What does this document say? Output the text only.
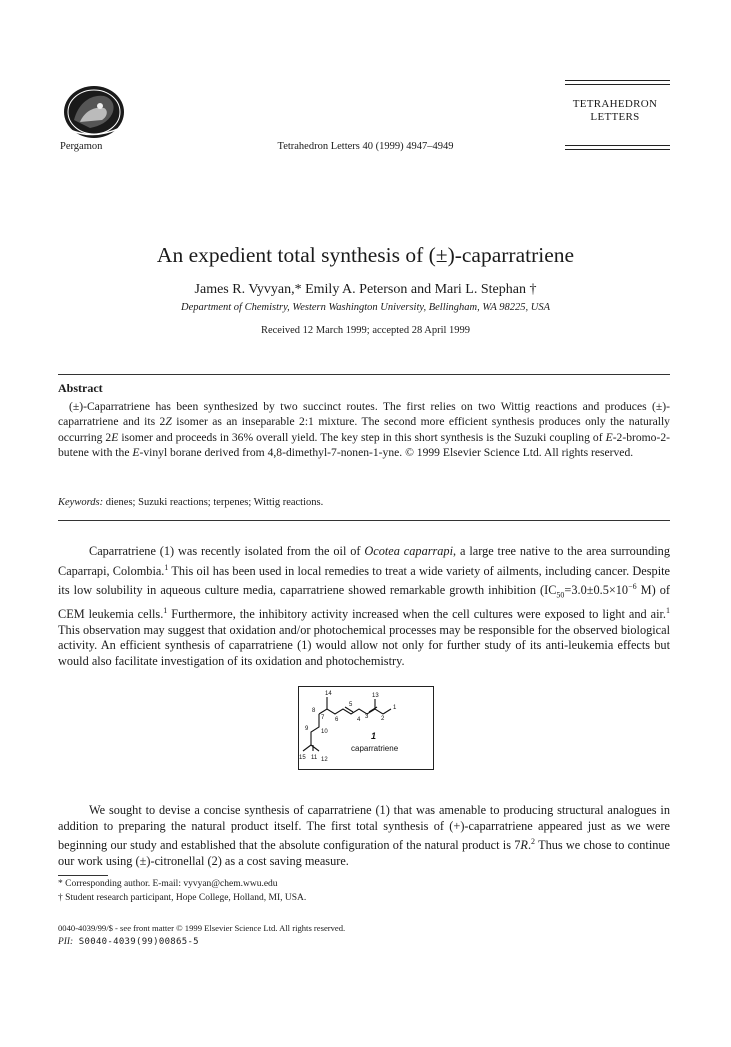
Pergamon	Tetrahedron Letters 40 (1999) 4947–4949
TETRAHEDRON
LETTERS
An expedient total synthesis of (±)-caparratriene
James R. Vyvyan,* Emily A. Peterson and Mari L. Stephan †
Department of Chemistry, Western Washington University, Bellingham, WA 98225, USA
Received 12 March 1999; accepted 28 April 1999
Abstract
(±)-Caparratriene has been synthesized by two succinct routes. The first relies on two Wittig reactions and produces (±)-caparratriene and its 2Z isomer as an inseparable 2:1 mixture. The second more efficient synthesis produces only the naturally occurring 2E isomer and proceeds in 36% overall yield. The key step in this short synthesis is the Suzuki coupling of E-2-bromo-2-butene with the E-vinyl borane derived from 4,8-dimethyl-7-nonen-1-yne. © 1999 Elsevier Science Ltd. All rights reserved.
Keywords: dienes; Suzuki reactions; terpenes; Wittig reactions.
Caparratriene (1) was recently isolated from the oil of Ocotea caparrapi, a large tree native to the area surrounding Caparrapi, Colombia.$^1$ This oil has been used in local remedies to treat a wide variety of ailments, including cancer. Despite its low solubility in aqueous culture media, caparratriene showed remarkable growth inhibition ($IC_{50}=3.0\pm 0.5\times 10^{-6}$ M) of CEM leukemia cells.$^1$ Furthermore, the inhibitory activity increased when the cell cultures were exposed to light and air.$^1$ This observation may suggest that oxidation and/or photochemical processes may be responsible for the observed biological activity. An efficient synthesis of caparratriene (1) would allow not only for further study of its anti-leukemia effects but would also facilitate investigation of its oxidation and photochemistry.
14	13
5	1
8
7 6	4 3 2
9 10
15 11 12
1
caparratriene
We sought to devise a concise synthesis of caparratriene (1) that was amenable to producing structural analogues in addition to preparing the natural product itself. The first total synthesis of (+)-caparratriene appeared just as we were beginning our study and established that the absolute configuration of the natural product is 7R.$^2$ Thus we chose to continue our work using (±)-citronellal (2) as a cost saving measure.
* Corresponding author. E-mail: vyvyan@chem.wwu.edu
† Student research participant, Hope College, Holland, MI, USA.
0040-4039/99/$ - see front matter © 1999 Elsevier Science Ltd. All rights reserved.
PII: S0040-4039(99)00865-5
